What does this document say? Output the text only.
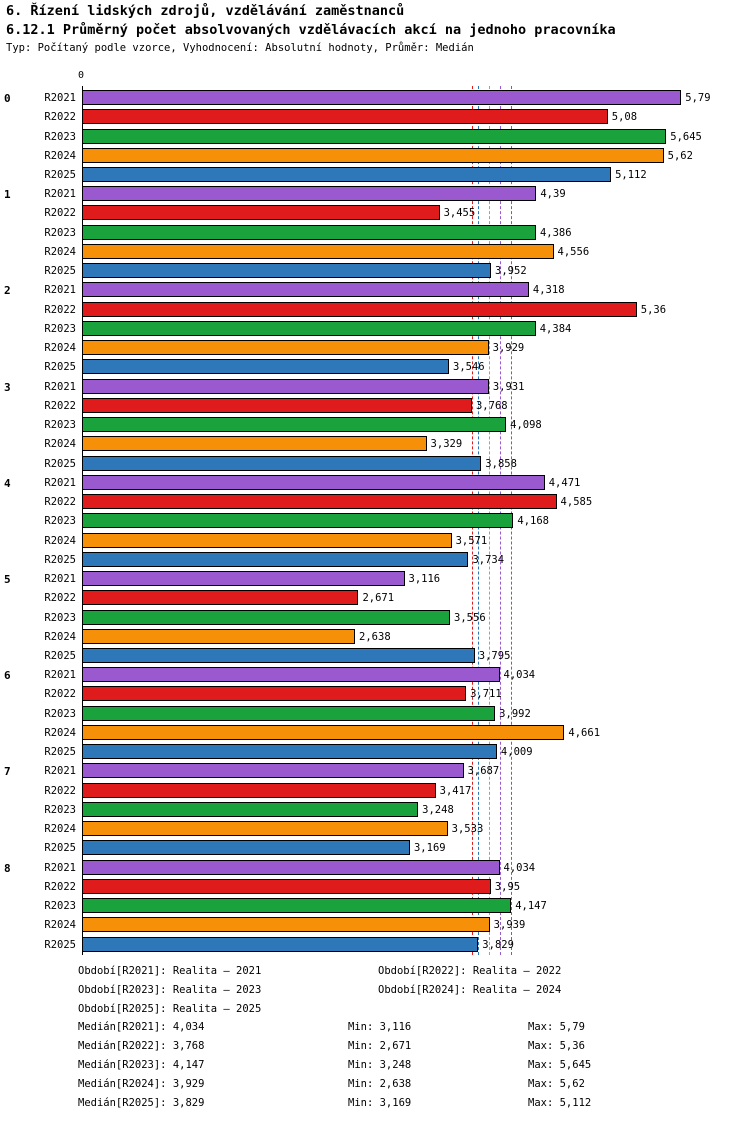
6. Řízení lidských zdrojů, vzdělávání zaměstnanců
6.12.1 Průměrný počet absolvovaných vzdělávacích akcí na jednoho pracovníka
Typ: Počítaný podle vzorce, Vyhodnocení: Absolutní hodnoty, Průměr: Medián
0
0	R2021	5,79
R2022	5,08
R2023	5,645
R2024	5,62
R2025	5,112
1	R2021	4,39
R2022	3,455
R2023	4,386
R2024	4,556
R2025	3,952
2	R2021	4,318
R2022	5,36
R2023	4,384
R2024	3,929
R2025	3,546
3	R2021	3,931
R2022	3,768
R2023	4,098
R2024	3,329
R2025	3,858
4	R2021	4,471
R2022	4,585
R2023	4,168
R2024	3,571
R2025	3,734
5	R2021	3,116
R2022	2,671
R2023	3,556
R2024	2,638
R2025	3,795
6	R2021	4,034
R2022	3,711
R2023	3,992
R2024	4,661
R2025	4,009
7	R2021	3,687
R2022	3,417
R2023	3,248
R2024	3,533
R2025	3,169
8	R2021	4,034
R2022	3,95
R2023	4,147
R2024	3,939
R2025	3,829
Období[R2021]: Realita – 2021	Období[R2022]: Realita – 2022
Období[R2023]: Realita – 2023	Období[R2024]: Realita – 2024
Období[R2025]: Realita – 2025
Medián[R2021]: 4,034	Min: 3,116	Max: 5,79
Medián[R2022]: 3,768	Min: 2,671	Max: 5,36
Medián[R2023]: 4,147	Min: 3,248	Max: 5,645
Medián[R2024]: 3,929	Min: 2,638	Max: 5,62
Medián[R2025]: 3,829	Min: 3,169	Max: 5,112
